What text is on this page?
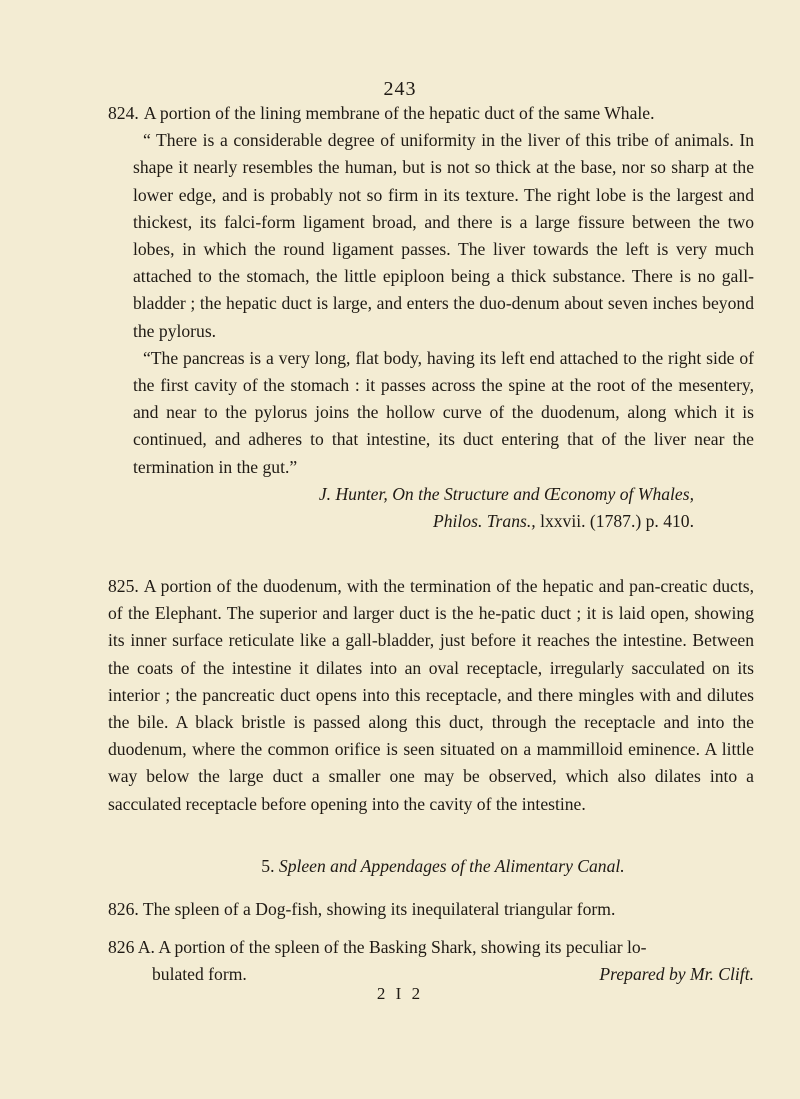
243

824. A portion of the lining membrane of the hepatic duct of the same Whale.

“ There is a considerable degree of uniformity in the liver of this tribe of animals. In shape it nearly resembles the human, but is not so thick at the base, nor so sharp at the lower edge, and is probably not so firm in its texture. The right lobe is the largest and thickest, its falci-form ligament broad, and there is a large fissure between the two lobes, in which the round ligament passes. The liver towards the left is very much attached to the stomach, the little epiploon being a thick substance. There is no gall-bladder ; the hepatic duct is large, and enters the duo-denum about seven inches beyond the pylorus.

“The pancreas is a very long, flat body, having its left end attached to the right side of the first cavity of the stomach : it passes across the spine at the root of the mesentery, and near to the pylorus joins the hollow curve of the duodenum, along which it is continued, and adheres to that intestine, its duct entering that of the liver near the termination in the gut.”

J. Hunter, On the Structure and Œconomy of Whales,
Philos. Trans., lxxvii. (1787.) p. 410.

825. A portion of the duodenum, with the termination of the hepatic and pan-creatic ducts, of the Elephant. The superior and larger duct is the he-patic duct ; it is laid open, showing its inner surface reticulate like a gall-bladder, just before it reaches the intestine. Between the coats of the intestine it dilates into an oval receptacle, irregularly sacculated on its interior ; the pancreatic duct opens into this receptacle, and there mingles with and dilutes the bile. A black bristle is passed along this duct, through the receptacle and into the duodenum, where the common orifice is seen situated on a mammilloid eminence. A little way below the large duct a smaller one may be observed, which also dilates into a sacculated receptacle before opening into the cavity of the intestine.

5. Spleen and Appendages of the Alimentary Canal.
826. The spleen of a Dog-fish, showing its inequilateral triangular form.
826 A. A portion of the spleen of the Basking Shark, showing its peculiar lo-
bulated form.	Prepared by Mr. Clift.
2 I 2
